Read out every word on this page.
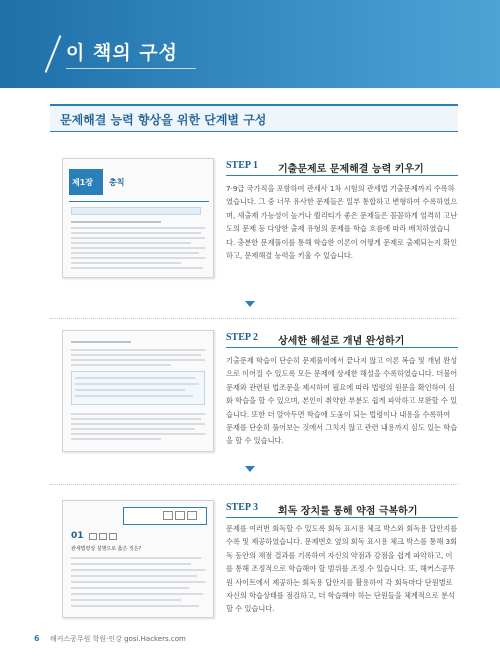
이 책의 구성
문제해결 능력 향상을 위한 단계별 구성
제1장 총칙
STEP 1 기출문제로 문제해결 능력 키우기
7·9급 국가직을 포함하여 관세사 1차 시험의 관세법 기출문제까지 수록하였습니다. 그 중 너무 유사한 문제들은 일부 통합하고 변형하여 수록하였으며, 새출제 가능성이 높거나 퀄리티가 좋은 문제들은 꼼꼼하게 엄격히 고난도의 문제 등 다양한 출제 유형의 문제를 학습 흐름에 따라 배치하였습니다. 충분한 문제풀이를 통해 학습한 이론이 어떻게 문제로 출제되는지 확인하고, 문제해결 능력을 키울 수 있습니다.
STEP 2 상세한 해설로 개념 완성하기
기출문제 학습이 단순히 문제풀이에서 끝나지 않고 이론 복습 및 개념 완성으로 이어질 수 있도록 모든 문제에 상세한 해설을 수록하였습니다. 더불어 문제와 관련된 법조문을 제시하여 필요에 따라 법령의 원문을 확인하여 심화 학습을 할 수 있으며, 본인이 취약한 부분도 쉽게 파악하고 보완할 수 있습니다. 또한 더 알아두면 학습에 도움이 되는 법령이나 내용을 수록하여 문제를 단순히 풀어보는 것에서 그치지 않고 관련 내용까지 심도 있는 학습을 할 수 있습니다.
01
관세법령상 설명으로 옳은 것은?
STEP 3 회독 장치를 통해 약점 극복하기
문제를 여러번 회독할 수 있도록 회독 표시용 체크 박스와 회독용 답안지를 수록 및 제공하였습니다. 문제번호 옆의 회독 표시용 체크 박스를 통해 3회독 동안의 채점 결과를 기록하여 자신의 약점과 강점을 쉽게 파악하고, 이를 통해 조정적으로 학습해야 할 범위를 조정 수 있습니다. 또, 해커스공무원 사이트에서 제공하는 회독용 답안지를 활용하여 각 회독마다 단원별로 자신의 학습상태를 점검하고, 더 학습해야 하는 단원들을 체계적으로 분석할 수 있습니다.
6 해커스공무원 학원·인강 gosi.Hackers.com
